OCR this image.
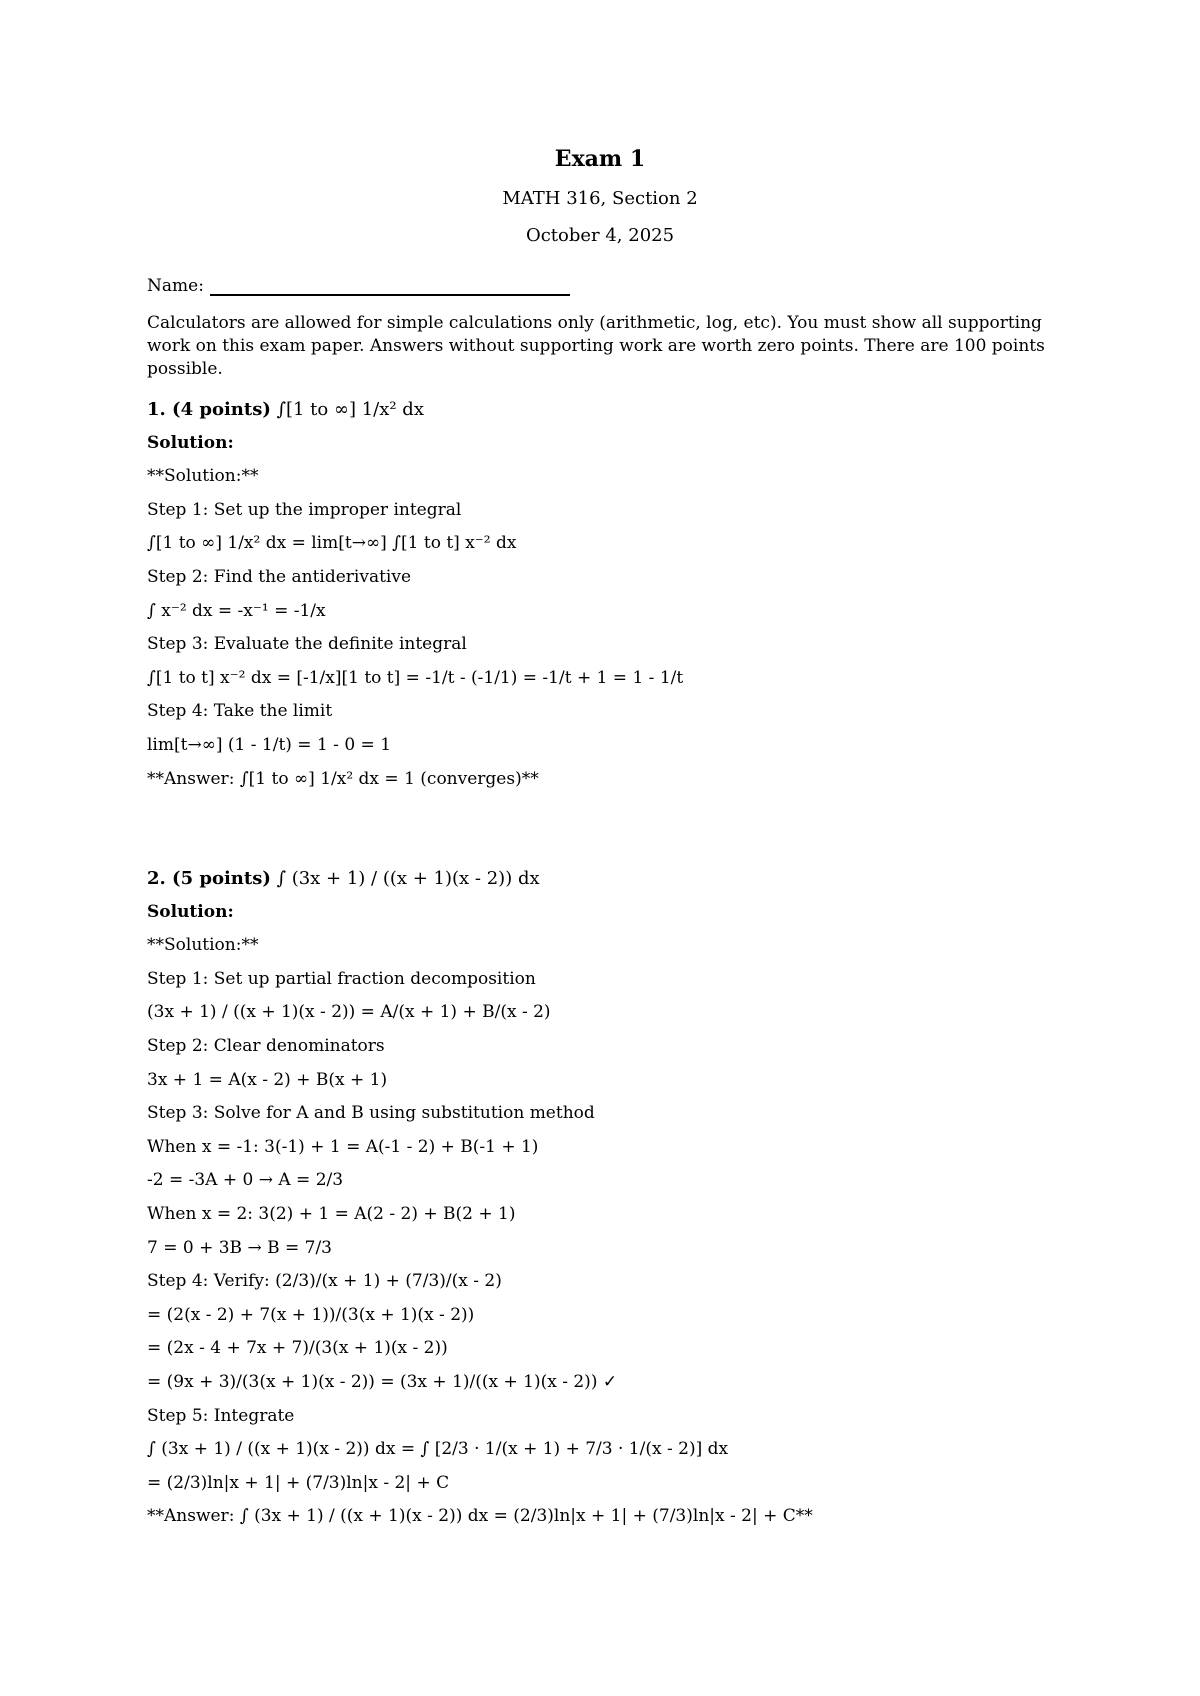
Exam 1
MATH 316, Section 2
October 4, 2025
Name:
Calculators are allowed for simple calculations only (arithmetic, log, etc). You must show all supporting work on this exam paper. Answers without supporting work are worth zero points. There are 100 points possible.
1. (4 points) ∫[1 to ∞] 1/x² dx
Solution:
**Solution:**
Step 1: Set up the improper integral
∫[1 to ∞] 1/x² dx = lim[t→∞] ∫[1 to t] x⁻² dx
Step 2: Find the antiderivative
∫ x⁻² dx = -x⁻¹ = -1/x
Step 3: Evaluate the definite integral
∫[1 to t] x⁻² dx = [-1/x][1 to t] = -1/t - (-1/1) = -1/t + 1 = 1 - 1/t
Step 4: Take the limit
lim[t→∞] (1 - 1/t) = 1 - 0 = 1
**Answer: ∫[1 to ∞] 1/x² dx = 1 (converges)**
2. (5 points) ∫ (3x + 1) / ((x + 1)(x - 2)) dx
Solution:
**Solution:**
Step 1: Set up partial fraction decomposition
(3x + 1) / ((x + 1)(x - 2)) = A/(x + 1) + B/(x - 2)
Step 2: Clear denominators
3x + 1 = A(x - 2) + B(x + 1)
Step 3: Solve for A and B using substitution method
When x = -1: 3(-1) + 1 = A(-1 - 2) + B(-1 + 1)
-2 = -3A + 0 → A = 2/3
When x = 2: 3(2) + 1 = A(2 - 2) + B(2 + 1)
7 = 0 + 3B → B = 7/3
Step 4: Verify: (2/3)/(x + 1) + (7/3)/(x - 2)
= (2(x - 2) + 7(x + 1))/(3(x + 1)(x - 2))
= (2x - 4 + 7x + 7)/(3(x + 1)(x - 2))
= (9x + 3)/(3(x + 1)(x - 2)) = (3x + 1)/((x + 1)(x - 2)) ✓
Step 5: Integrate
∫ (3x + 1) / ((x + 1)(x - 2)) dx = ∫ [2/3 · 1/(x + 1) + 7/3 · 1/(x - 2)] dx
= (2/3)ln|x + 1| + (7/3)ln|x - 2| + C
**Answer: ∫ (3x + 1) / ((x + 1)(x - 2)) dx = (2/3)ln|x + 1| + (7/3)ln|x - 2| + C**
